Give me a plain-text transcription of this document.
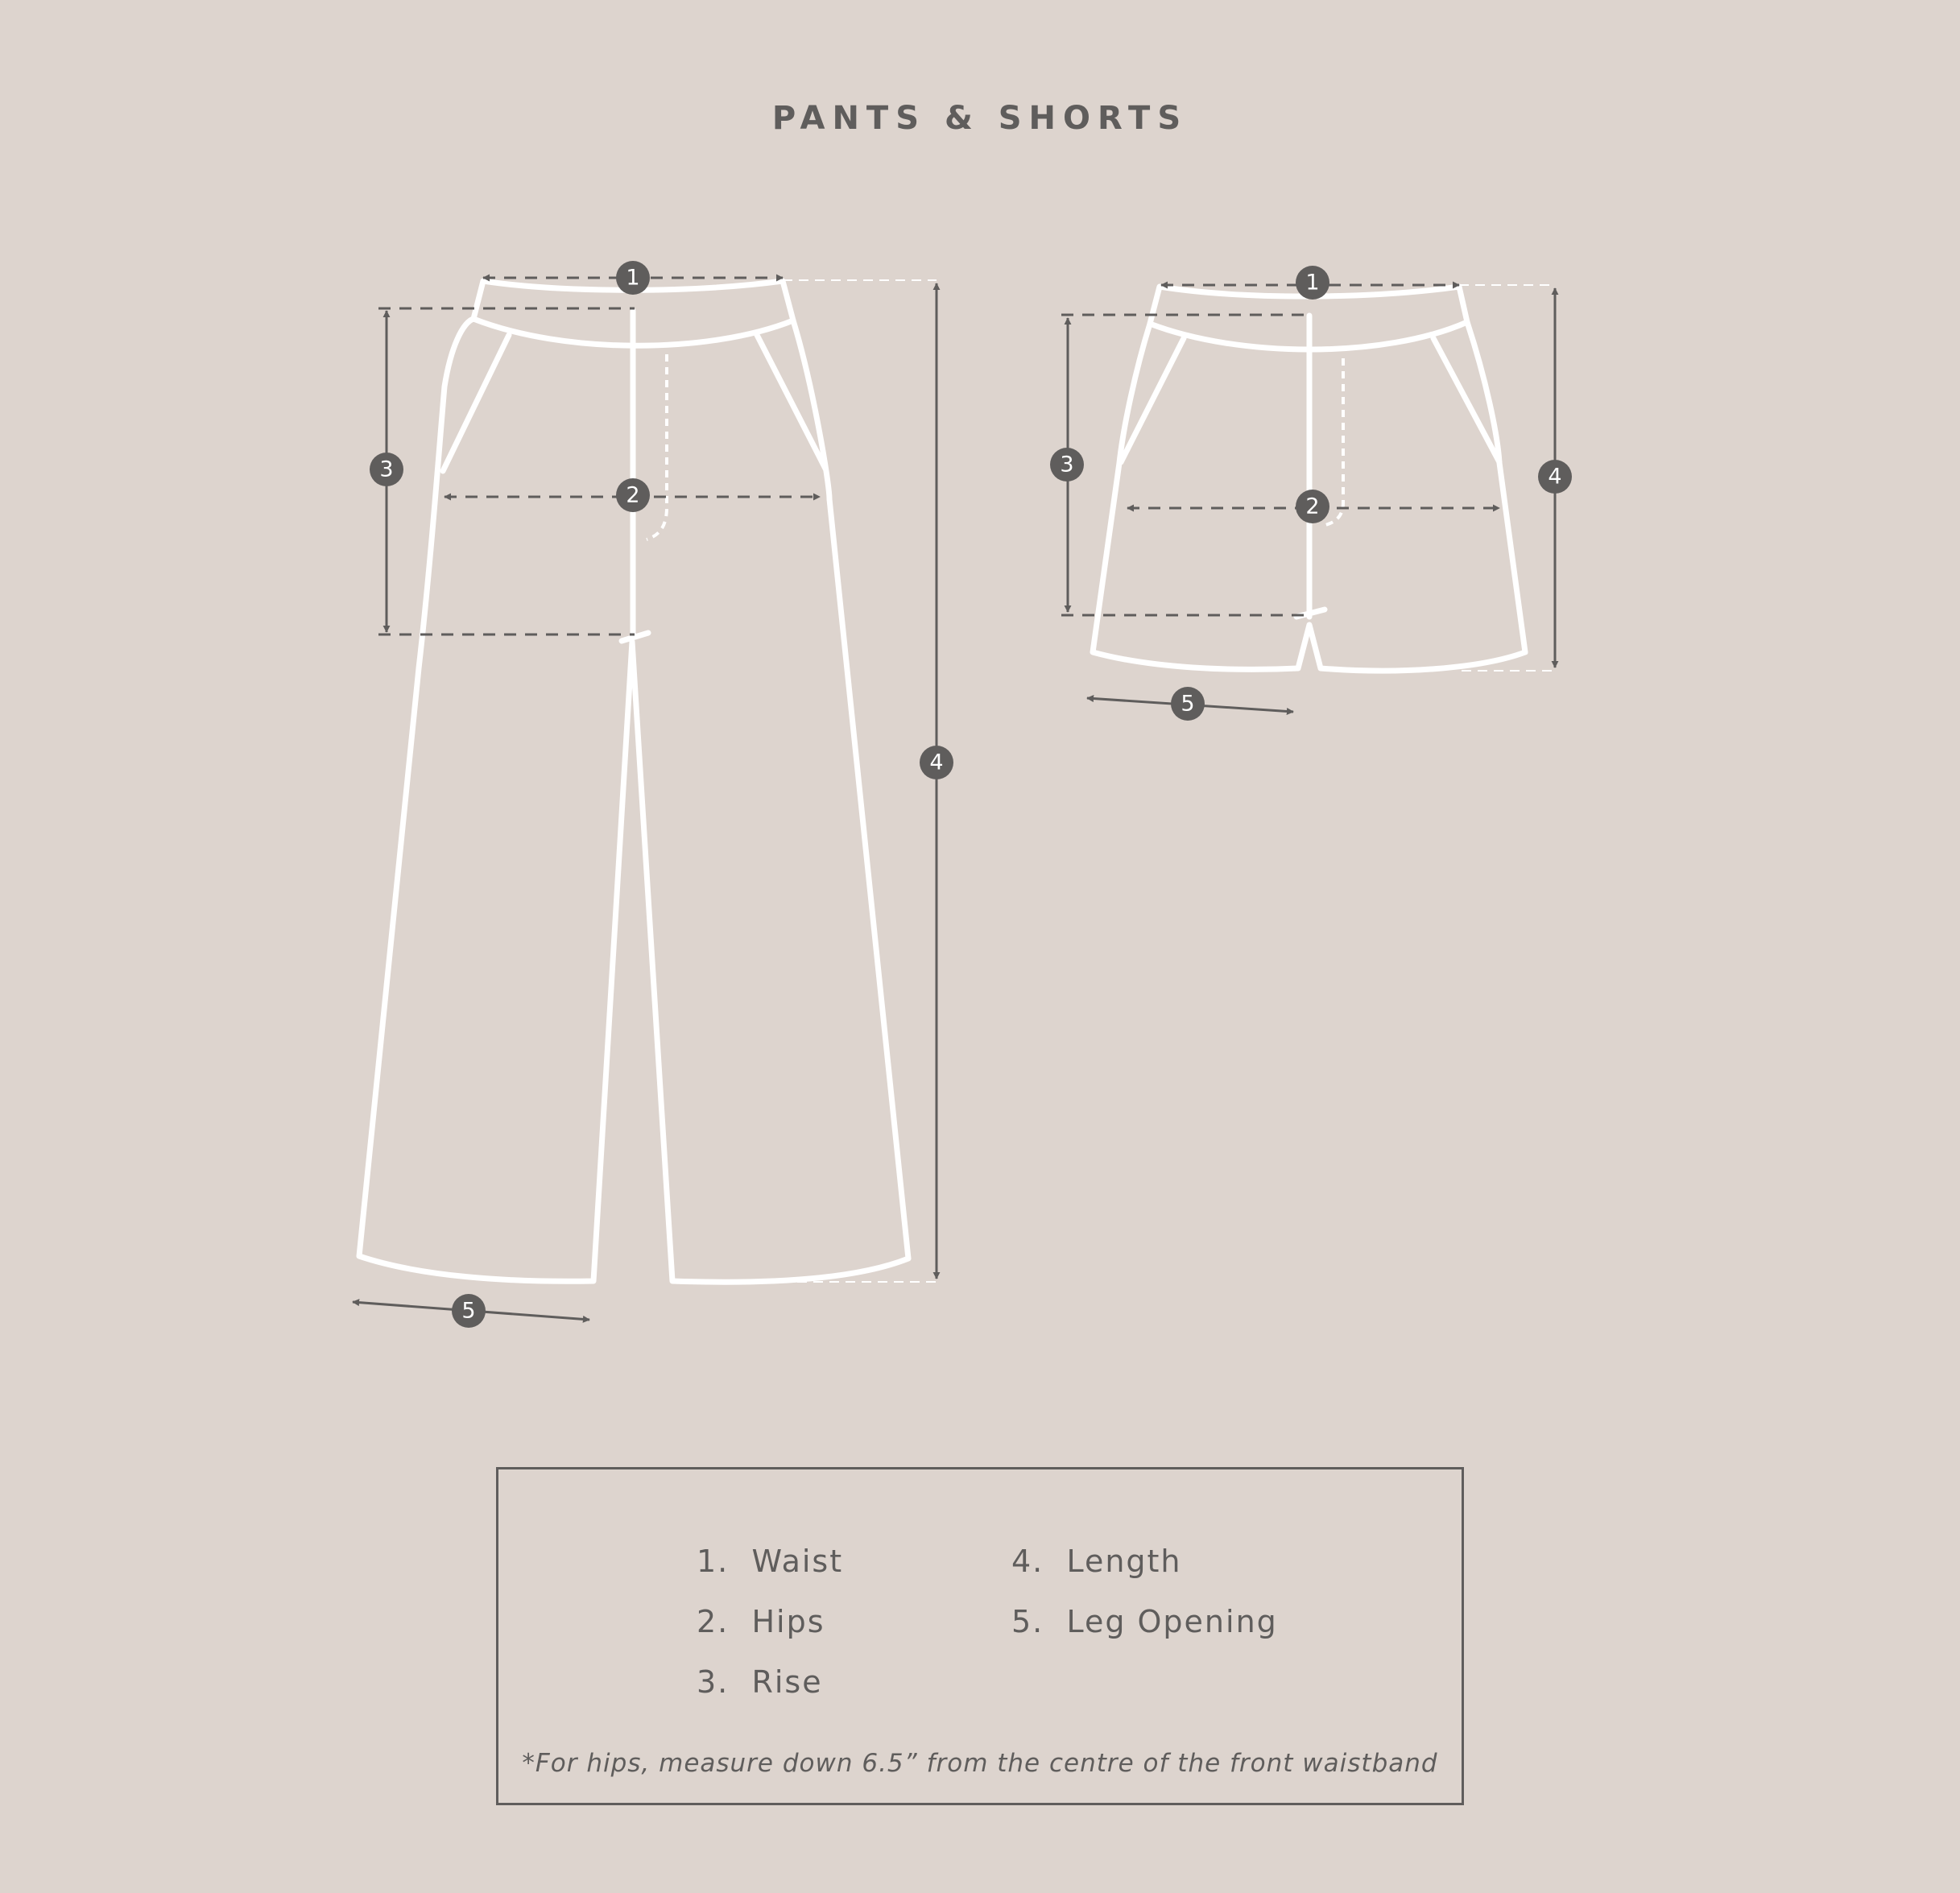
PANTS & SHORTS
1
2
3
4
5
1
2
3	4
5
1. Waist
2. Hips
3. Rise
4. Length
5. Leg Opening
*For hips, measure down 6.5” from the centre of the front waistband
